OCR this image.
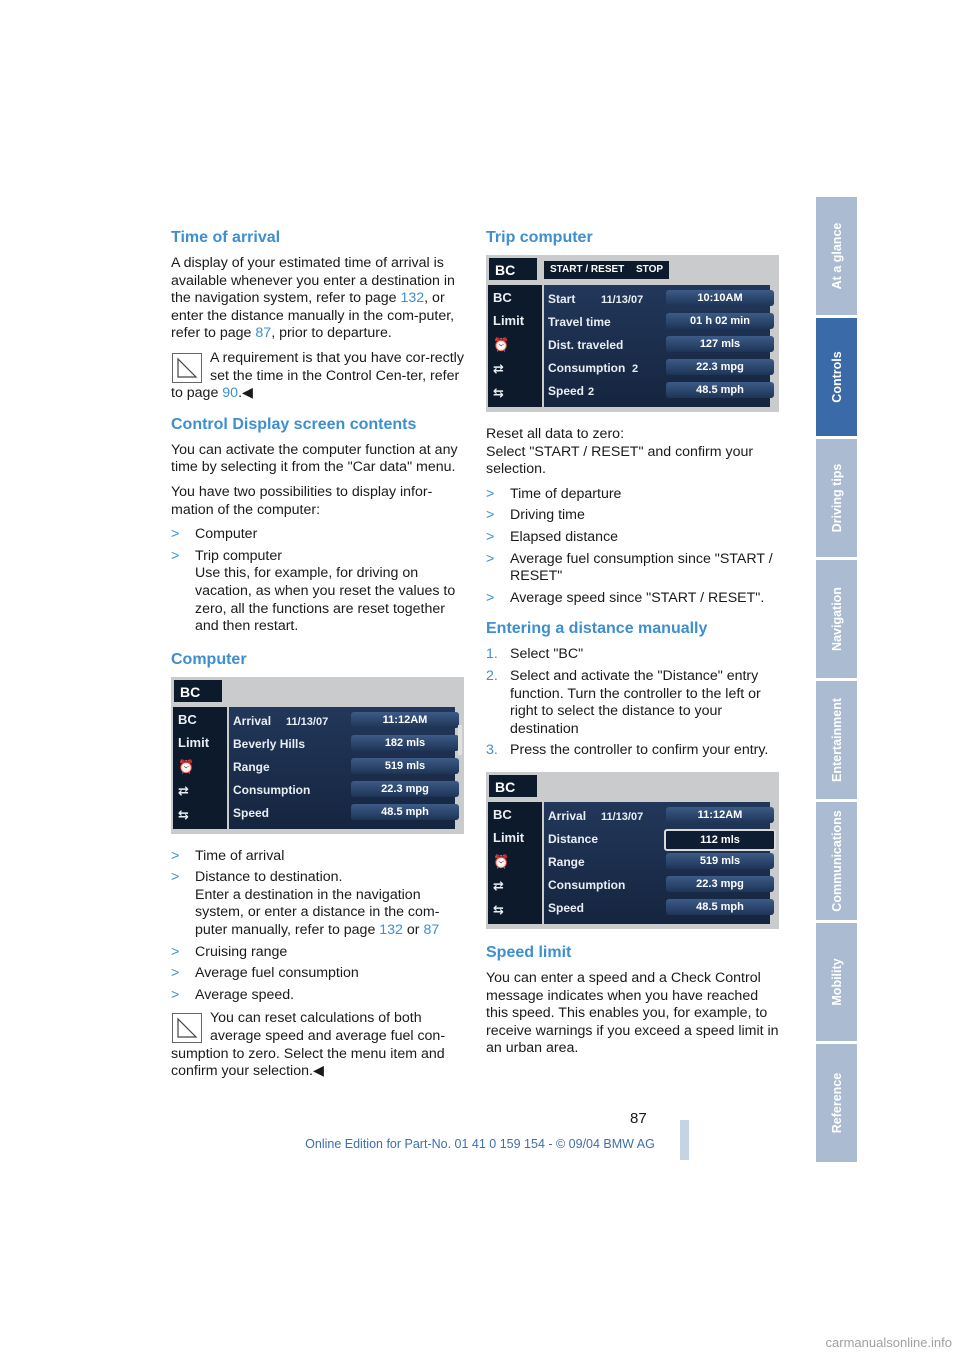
Time of arrival

A display of your estimated time of arrival is available whenever you enter a destination in the navigation system, refer to page 132, or enter the distance manually in the com-puter, refer to page 87, prior to departure.

A requirement is that you have cor-rectly set the time in the Control Cen-ter, refer to page 90.◀
Control Display screen contents

You can activate the computer function at any time by selecting it from the "Car data" menu.

You have two possibilities to display infor-mation of the computer:

> Computer
> Trip computer
Use this, for example, for driving on vacation, as when you reset the values to zero, all the functions are reset together and then restart.
Computer
BC
BC
Limit
⏰
⇄
⇆
Arrival 11/13/07	11:12AM
Beverly Hills	182 mls
Range	519 mls
Consumption	22.3 mpg
Speed	48.5 mph
> Time of arrival
> Distance to destination.
Enter a destination in the navigation system, or enter a distance in the com-puter manually, refer to page 132 or 87
> Cruising range
> Average fuel consumption
> Average speed.
You can reset calculations of both average speed and average fuel con-sumption to zero. Select the menu item and confirm your selection.◀
Trip computer
BC	START / RESET	STOP
BC
Limit
⏰
⇄
⇆
Start 11/13/07	10:10AM
Travel time	01 h 02 min
Dist. traveled	127 mls
Consumption 2	22.3 mpg
Speed 2	48.5 mph

Reset all data to zero:

Select "START / RESET" and confirm your selection.

> Time of departure
> Driving time
> Elapsed distance
> Average fuel consumption since "START / RESET"
> Average speed since "START / RESET".
Entering a distance manually
1. Select "BC"
2. Select and activate the "Distance" entry function. Turn the controller to the left or right to select the distance to your destination
3. Press the controller to confirm your entry.
BC
BC
Limit
⏰
⇄
⇆
Arrival 11/13/07	11:12AM
Distance	112 mls
Range	519 mls
Consumption	22.3 mpg
Speed	48.5 mph
Speed limit

You can enter a speed and a Check Control message indicates when you have reached this speed. This enables you, for example, to receive warnings if you exceed a speed limit in an urban area.

At a glance
Controls
Driving tips
Navigation
Entertainment
Communications
Mobility
Reference
87
Online Edition for Part-No. 01 41 0 159 154 - © 09/04 BMW AG
carmanualsonline.info
